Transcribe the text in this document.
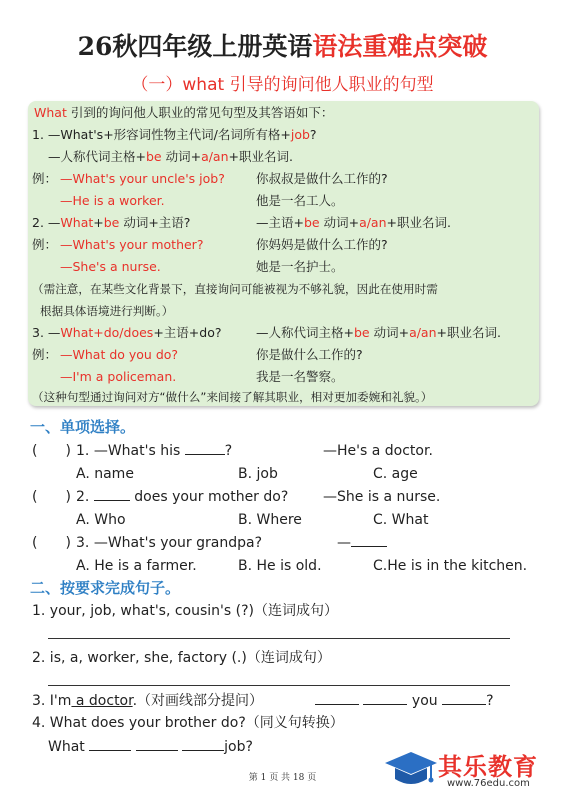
26秋四年级上册英语语法重难点突破
（一）what 引导的询问他人职业的句型
What 引到的询问他人职业的常见句型及其答语如下：
1. —What's+形容词性物主代词/名词所有格+job?
—人称代词主格+be 动词+a/an+职业名词.
例： —What's your uncle's job? 你叔叔是做什么工作的?
—He is a worker.	他是一名工人。
2. —What+be 动词+主语?	—主语+be 动词+a/an+职业名词.
例： —What's your mother?	你妈妈是做什么工作的?
—She's a nurse.	她是一名护士。
（需注意，在某些文化背景下，直接询问可能被视为不够礼貌，因此在使用时需
根据具体语境进行判断。）
3. —What+do/does+主语+do?	—人称代词主格+be 动词+a/an+职业名词.
例： —What do you do?	你是做什么工作的?
—I'm a policeman.	我是一名警察。
（这种句型通过询问对方“做什么”来间接了解其职业，相对更加委婉和礼貌。）
一、单项选择。
(　　) 1. —What's his	?	—He's a doctor.
A. name	B. job	C. age
(　　) 2.	does your mother do? —She is a nurse.
A. Who	B. Where	C. What
(　　) 3. —What's your grandpa?	—
A. He is a farmer.	B. He is old.	C.He is in the kitchen.
二、按要求完成句子。
1. your, job, what's, cousin's (?)（连词成句）
2. is, a, worker, she, factory (.)（连词成句）
3. I'm a doctor.（对画线部分提问）	you	?
4. What does your brother do?（同义句转换）
What	job?
第 1 页 共 18 页	其乐教育
www.76edu.com
